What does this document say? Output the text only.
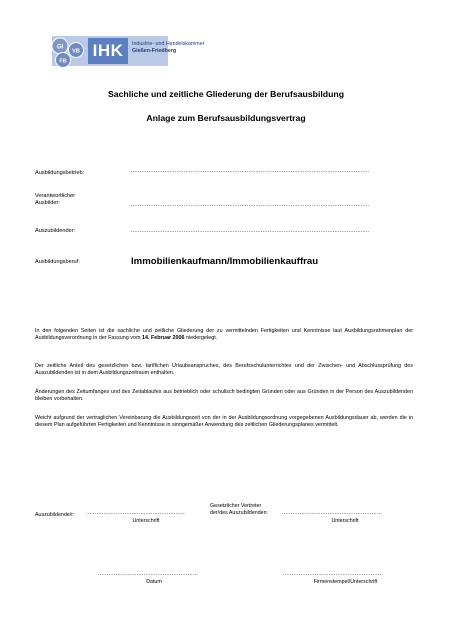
GI
VB
FB
IHK	Industrie- und Handelskammer
Gießen-Friedberg
Sachliche und zeitliche Gliederung der Berufsausbildung
Anlage zum Berufsausbildungsvertrag
Ausbildungsbetrieb:	........................................................................................................................................
Verantwortlicher
Ausbilder:	........................................................................................................................................
Auszubildender:	........................................................................................................................................
Ausbildungsberuf:	Immobilienkaufmann/Immobilienkauffrau
In den folgenden Seiten ist die sachliche und zeitliche Gliederung der zu vermittelnden Fertigkeiten und Kenntnisse laut Ausbildungsrahmenplan der Ausbildungsverordnung in der Fassung vom 14. Februar 2006 niedergelegt.
Der zeitliche Anteil des gesetzlichen bzw. tariflichen Urlaubsanspruches, des Berufsschulunterrichtes und der Zwischen- und Abschlussprüfung des Auszubildenden ist in dem Ausbildungszeitraum enthalten.
Änderungen des Zeitumfanges und des Zeitablaufes aus betrieblich oder schulisch bedingten Gründen oder aus Gründen in der Person des Auszubildenden bleiben vorbehalten.
Weicht aufgrund der vertraglichen Vereinbarung die Ausbildungszeit von der in der Ausbildungsordnung vorgegebenen Ausbildungsdauer ab, werden die in diesem Plan aufgeführten Fertigkeiten und Kenntnisse in sinngemäßer Anwendung des zeitlichen Gliederungsplanes vermittelt.
Auszubildende/r: .........................................................
Unterschrift
Gesetzlicher Vertreter
der/des Auszubildenden: .........................................................
Unterschrift
.........................................................
Datum
.........................................................
Firmenstempel/Unterschrift
